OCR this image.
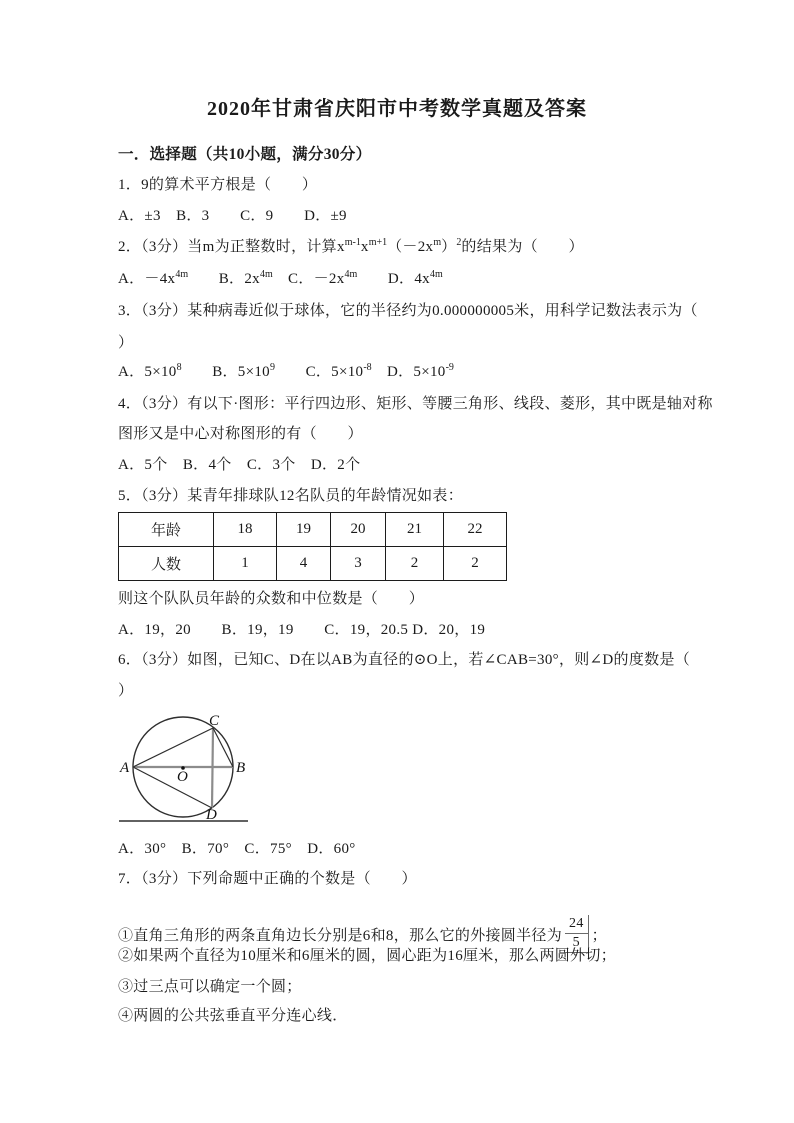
2020年甘肃省庆阳市中考数学真题及答案
一．选择题（共10小题，满分30分）
1．9的算术平方根是（　　）
A．±3　B．3　　C．9　　D．±9
2．（3分）当m为正整数时，计算$x^{m-1}x^{m+1}(-2x^m)^2$的结果为（　　）
A．$-4x^{4m}$　　B．$2x^{4m}$　C．$-2x^{4m}$　　D．$4x^{4m}$
3．（3分）某种病毒近似于球体，它的半径约为0.000000005米，用科学记数法表示为（
）
A．$5\times 10^8$　　B．$5\times 10^9$　　C．$5\times 10^{-8}$　D．$5\times 10^{-9}$
4．（3分）有以下·图形：平行四边形、矩形、等腰三角形、线段、菱形，其中既是轴对称
图形又是中心对称图形的有（　　）
A．5个　B．4个　C．3个　D．2个
5．（3分）某青年排球队12名队员的年龄情况如表：
年龄	18	19	20	21	22
人数	1	4	3	2	2
则这个队队员年龄的众数和中位数是（　　）
A．19，20　　B．19，19　　C．19，20.5 D．20，19
6．（3分）如图，已知C、D在以AB为直径的⊙O上，若∠CAB=30°，则∠D的度数是（
）
A	B
C
D
O
A．30°　B．70°　C．75°　D．60°
7．（3分）下列命题中正确的个数是（　　）
①直角三角形的两条直角边长分别是6和8，那么它的外接圆半径为 $\frac{24}{5}$ ；
②如果两个直径为10厘米和6厘米的圆，圆心距为16厘米，那么两圆外切；
③过三点可以确定一个圆；
④两圆的公共弦垂直平分连心线．
